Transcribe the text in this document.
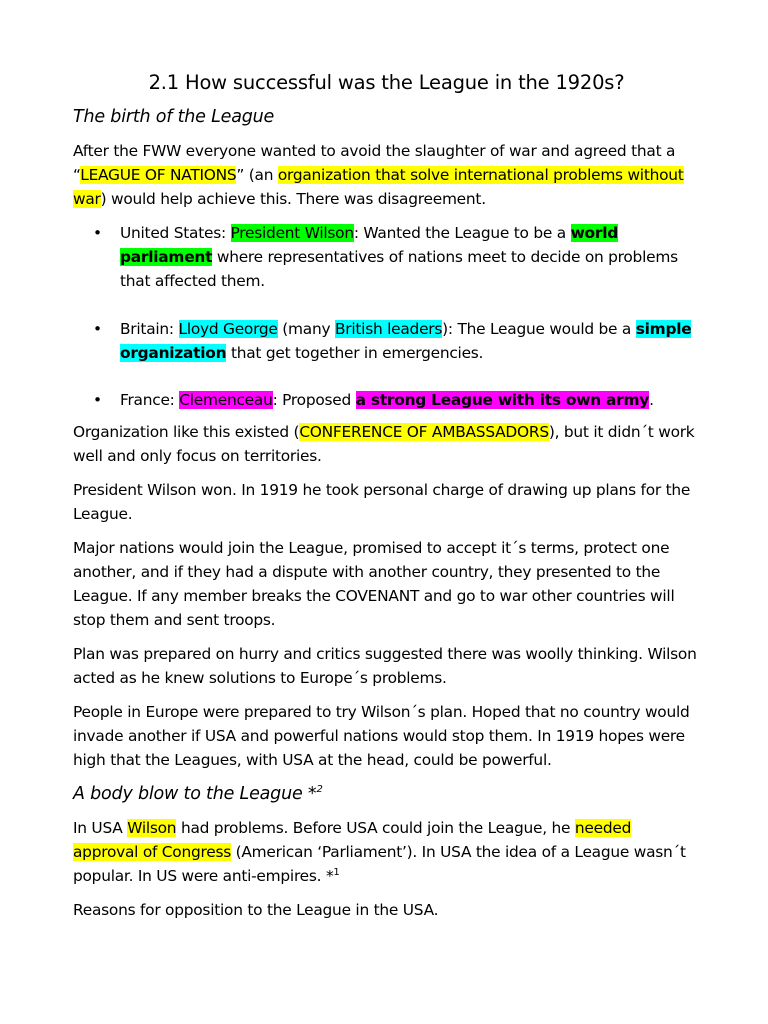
2.1 How successful was the League in the 1920s?
The birth of the League

After the FWW everyone wanted to avoid the slaughter of war and agreed that a “LEAGUE OF NATIONS” (an organization that solve international problems without war) would help achieve this. There was disagreement.

• United States: President Wilson: Wanted the League to be a world parliament where representatives of nations meet to decide on problems that affected them.
• Britain: Lloyd George (many British leaders): The League would be a simple organization that get together in emergencies.
• France: Clemenceau: Proposed a strong League with its own army.

Organization like this existed (CONFERENCE OF AMBASSADORS), but it didn´t work well and only focus on territories.

President Wilson won. In 1919 he took personal charge of drawing up plans for the League.

Major nations would join the League, promised to accept it´s terms, protect one another, and if they had a dispute with another country, they presented to the League. If any member breaks the COVENANT and go to war other countries will stop them and sent troops.

Plan was prepared on hurry and critics suggested there was woolly thinking. Wilson acted as he knew solutions to Europe´s problems.

People in Europe were prepared to try Wilson´s plan. Hoped that no country would invade another if USA and powerful nations would stop them. In 1919 hopes were high that the Leagues, with USA at the head, could be powerful.

A body blow to the League *$^2$

In USA Wilson had problems. Before USA could join the League, he needed approval of Congress (American ‘Parliament’). In USA the idea of a League wasn´t popular. In US were anti-empires. *$^1$

Reasons for opposition to the League in the USA.
